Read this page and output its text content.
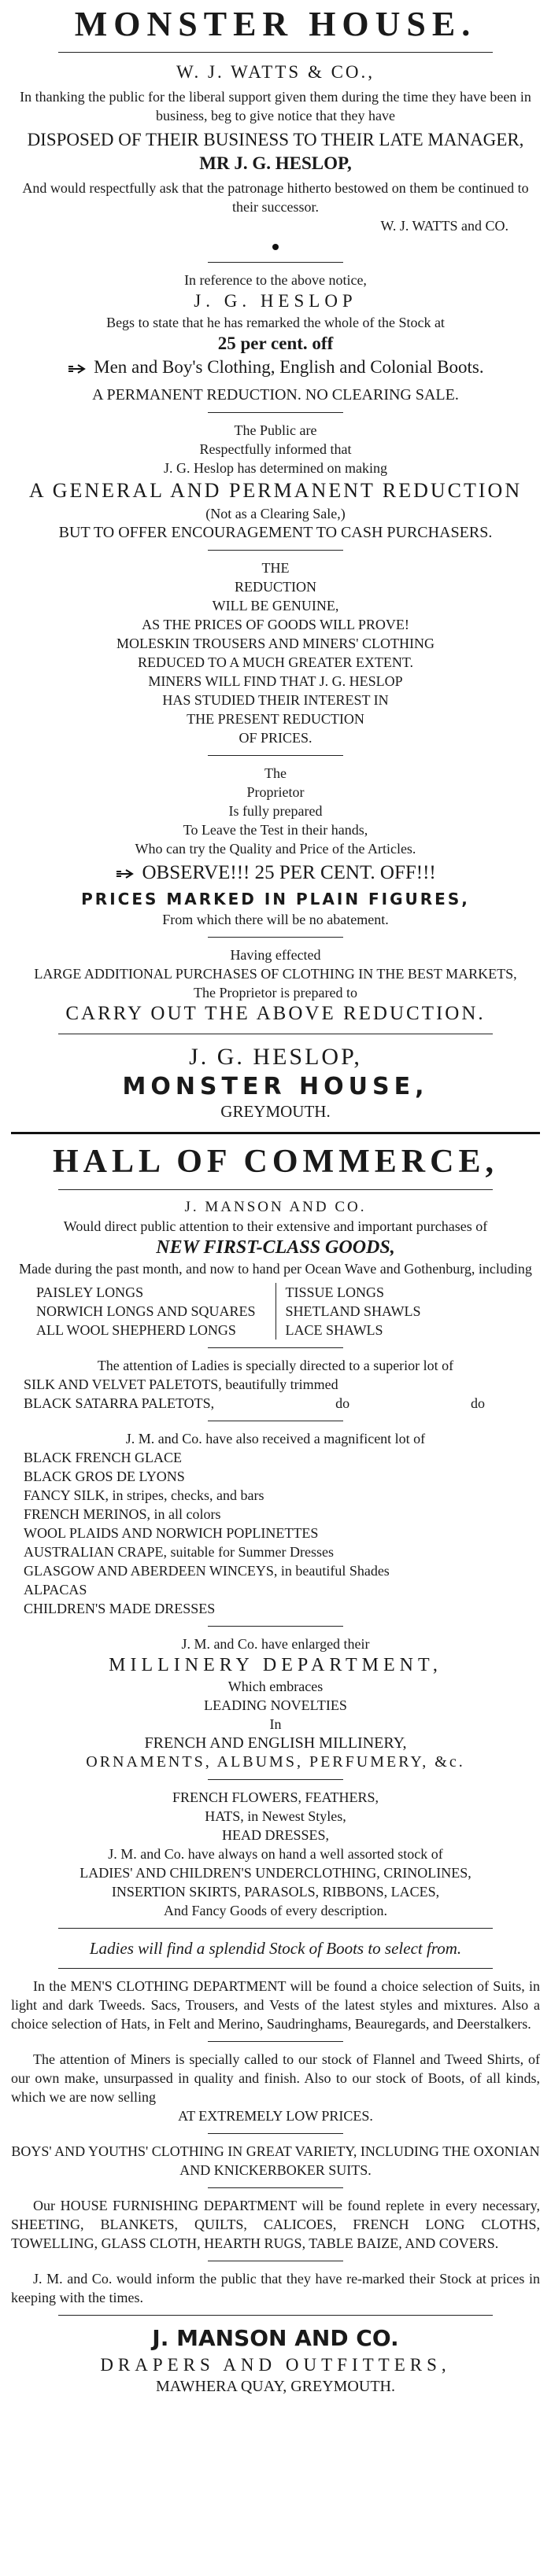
MONSTER HOUSE.
W. J. WATTS & CO.,

In thanking the public for the liberal support given them during the time they have been in business, beg to give notice that they have

DISPOSED OF THEIR BUSINESS TO THEIR LATE MANAGER,
MR J. G. HESLOP,

And would respectfully ask that the patronage hitherto bestowed on them be continued to their successor.

W. J. WATTS and CO.
In reference to the above notice,
J. G. HESLOP
Begs to state that he has remarked the whole of the Stock at
25 per cent. off
Men and Boy's Clothing, English and Colonial Boots.
A PERMANENT REDUCTION. NO CLEARING SALE.
The Public are
Respectfully informed that
J. G. Heslop has determined on making
A GENERAL AND PERMANENT REDUCTION
(Not as a Clearing Sale,)
BUT TO OFFER ENCOURAGEMENT TO CASH PURCHASERS.
THE
REDUCTION
WILL BE GENUINE,
AS THE PRICES OF GOODS WILL PROVE!
MOLESKIN TROUSERS AND MINERS' CLOTHING
REDUCED TO A MUCH GREATER EXTENT.
MINERS WILL FIND THAT J. G. HESLOP
HAS STUDIED THEIR INTEREST IN
THE PRESENT REDUCTION
OF PRICES.
The
Proprietor
Is fully prepared
To Leave the Test in their hands,
Who can try the Quality and Price of the Articles.
OBSERVE!!! 25 PER CENT. OFF!!!
PRICES MARKED IN PLAIN FIGURES,
From which there will be no abatement.
Having effected
LARGE ADDITIONAL PURCHASES OF CLOTHING IN THE BEST MARKETS,
The Proprietor is prepared to
CARRY OUT THE ABOVE REDUCTION.
J. G. HESLOP,
MONSTER HOUSE,
GREYMOUTH.
HALL OF COMMERCE,
J. MANSON AND CO.

Would direct public attention to their extensive and important purchases of

NEW FIRST-CLASS GOODS,

Made during the past month, and now to hand per Ocean Wave and Gothenburg, including

PAISLEY LONGS
NORWICH LONGS AND SQUARES
ALL WOOL SHEPHERD LONGS
TISSUE LONGS
SHETLAND SHAWLS
LACE SHAWLS

The attention of Ladies is specially directed to a superior lot of

SILK AND VELVET PALETOTS, beautifully trimmed
BLACK SATARRA PALETOTS,	do	do

J. M. and Co. have also received a magnificent lot of

BLACK FRENCH GLACE
BLACK GROS DE LYONS
FANCY SILK, in stripes, checks, and bars
FRENCH MERINOS, in all colors
WOOL PLAIDS AND NORWICH POPLINETTES
AUSTRALIAN CRAPE, suitable for Summer Dresses
GLASGOW AND ABERDEEN WINCEYS, in beautiful Shades
ALPACAS
CHILDREN'S MADE DRESSES
J. M. and Co. have enlarged their
MILLINERY DEPARTMENT,
Which embraces
LEADING NOVELTIES
In
FRENCH AND ENGLISH MILLINERY,
ORNAMENTS, ALBUMS, PERFUMERY, &c.
FRENCH FLOWERS, FEATHERS,
HATS, in Newest Styles,
HEAD DRESSES,
J. M. and Co. have always on hand a well assorted stock of
LADIES' AND CHILDREN'S UNDERCLOTHING, CRINOLINES,
INSERTION SKIRTS, PARASOLS, RIBBONS, LACES,
And Fancy Goods of every description.
Ladies will find a splendid Stock of Boots to select from.

In the MEN'S CLOTHING DEPARTMENT will be found a choice selection of Suits, in light and dark Tweeds. Sacs, Trousers, and Vests of the latest styles and mixtures. Also a choice selection of Hats, in Felt and Merino, Saudringhams, Beauregards, and Deerstalkers.

The attention of Miners is specially called to our stock of Flannel and Tweed Shirts, of our own make, unsurpassed in quality and finish. Also to our stock of Boots, of all kinds, which we are now selling

AT EXTREMELY LOW PRICES.

BOYS' AND YOUTHS' CLOTHING IN GREAT VARIETY, INCLUDING THE OXONIAN AND KNICKERBOKER SUITS.

Our HOUSE FURNISHING DEPARTMENT will be found replete in every necessary, SHEETING, BLANKETS, QUILTS, CALICOES, FRENCH LONG CLOTHS, TOWELLING, GLASS CLOTH, HEARTH RUGS, TABLE BAIZE, AND COVERS.

J. M. and Co. would inform the public that they have re-marked their Stock at prices in keeping with the times.

J. MANSON AND CO.
DRAPERS AND OUTFITTERS,
MAWHERA QUAY, GREYMOUTH.
